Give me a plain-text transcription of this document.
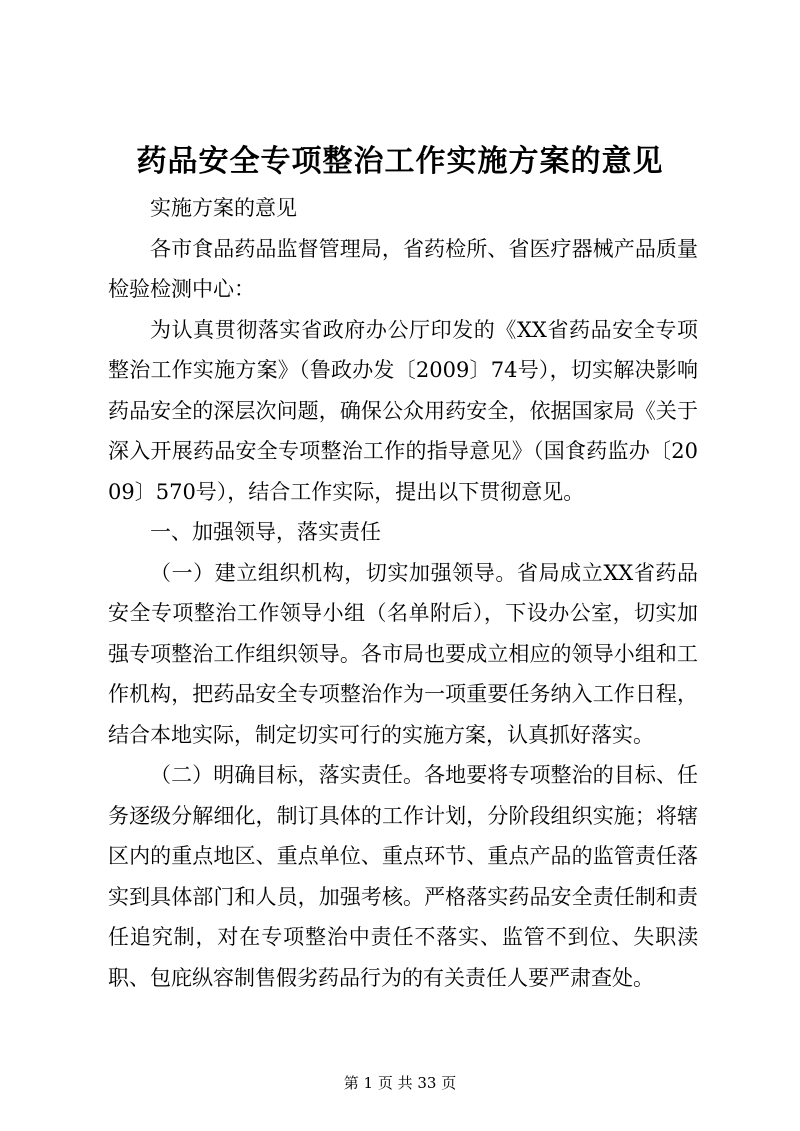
药品安全专项整治工作实施方案的意见

实施方案的意见

各市食品药品监督管理局，省药检所、省医疗器械产品质量检验检测中心：

为认真贯彻落实省政府办公厅印发的《XX省药品安全专项整治工作实施方案》（鲁政办发〔2009〕74号），切实解决影响药品安全的深层次问题，确保公众用药安全，依据国家局《关于深入开展药品安全专项整治工作的指导意见》（国食药监办〔2009〕570号），结合工作实际，提出以下贯彻意见。

一、加强领导，落实责任

（一）建立组织机构，切实加强领导。省局成立XX省药品安全专项整治工作领导小组（名单附后），下设办公室，切实加强专项整治工作组织领导。各市局也要成立相应的领导小组和工作机构，把药品安全专项整治作为一项重要任务纳入工作日程，结合本地实际，制定切实可行的实施方案，认真抓好落实。

（二）明确目标，落实责任。各地要将专项整治的目标、任务逐级分解细化，制订具体的工作计划，分阶段组织实施；将辖区内的重点地区、重点单位、重点环节、重点产品的监管责任落实到具体部门和人员，加强考核。严格落实药品安全责任制和责任追究制，对在专项整治中责任不落实、监管不到位、失职渎职、包庇纵容制售假劣药品行为的有关责任人要严肃查处。

第 1 页 共 33 页
